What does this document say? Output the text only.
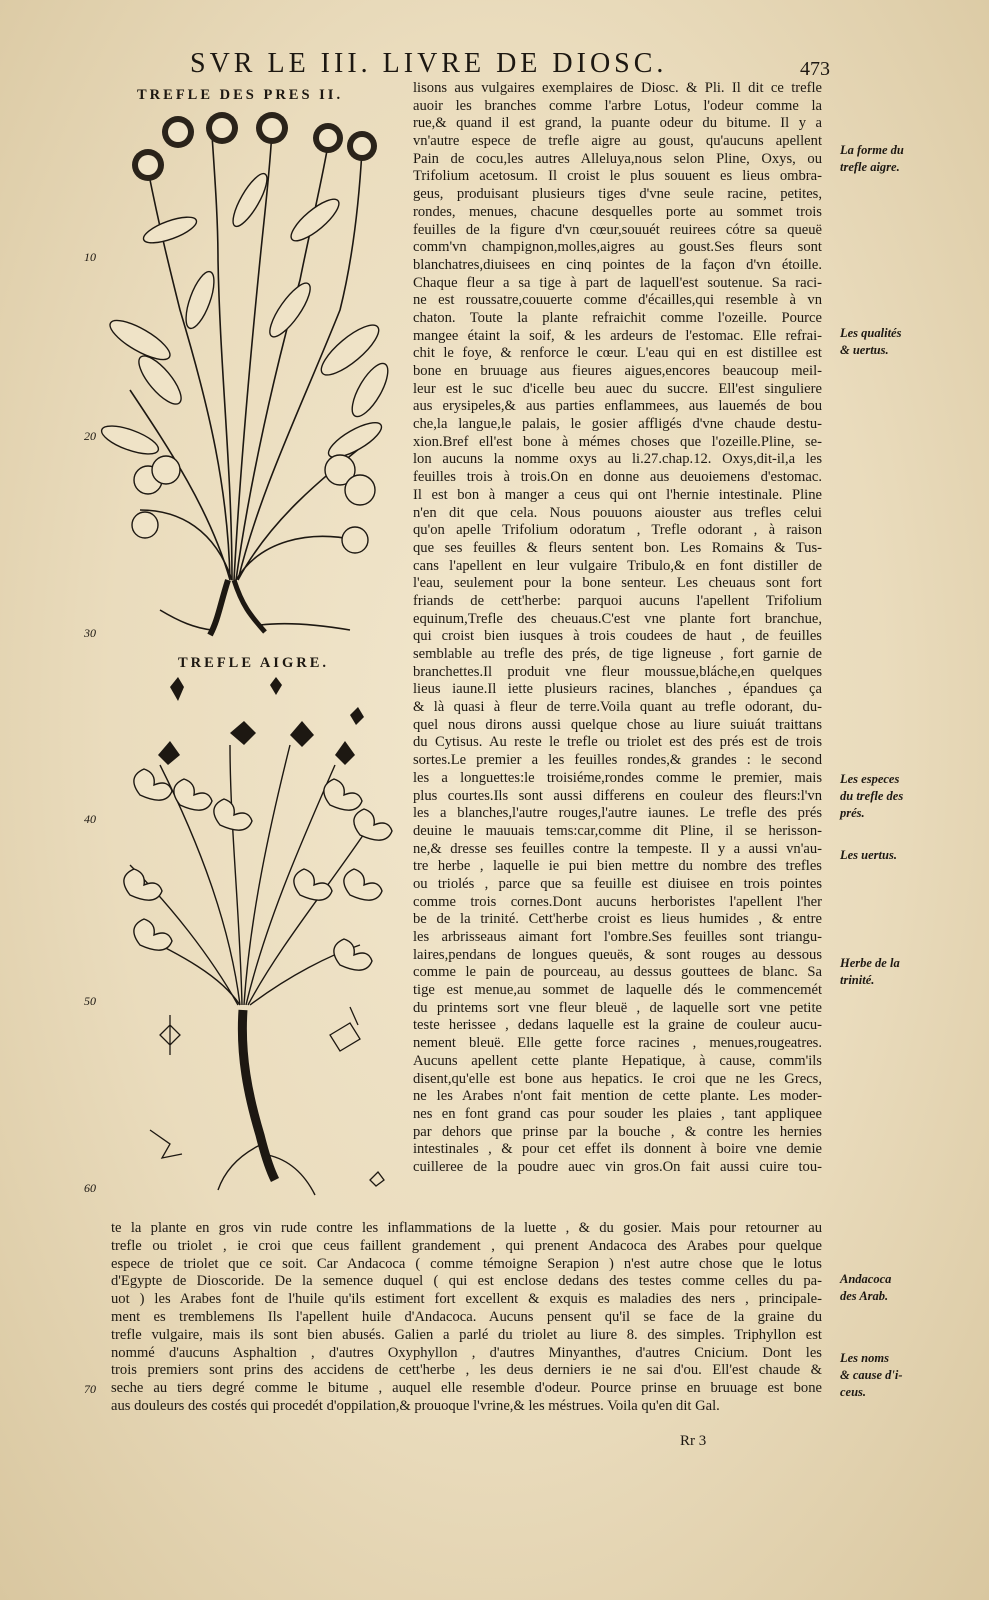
SVR LE III. LIVRE DE DIOSC.	473
TREFLE DES PRES II.
TREFLE AIGRE.
lisons aus vulgaires exemplaires de Diosc. & Pli. Il dit ce trefle
auoir les branches comme l'arbre Lotus, l'odeur comme la
rue,& quand il est grand, la puante odeur du bitume. Il y a
vn'autre espece de trefle aigre au goust, qu'aucuns apellent
Pain de cocu,les autres Alleluya,nous selon Pline, Oxys, ou
Trifolium acetosum. Il croist le plus souuent es lieus ombra-
geus, produisant plusieurs tiges d'vne seule racine, petites,
rondes, menues, chacune desquelles porte au sommet trois
feuilles de la figure d'vn cœur,souuét reuirees cótre sa queuë
comm'vn champignon,molles,aigres au goust.Ses fleurs sont
blanchatres,diuisees en cinq pointes de la façon d'vn étoille.
Chaque fleur a sa tige à part de laquell'est soutenue. Sa raci-
ne est roussatre,couuerte comme d'écailles,qui resemble à vn
chaton. Toute la plante refraichit comme l'ozeille. Pource
mangee étaint la soif, & les ardeurs de l'estomac. Elle refrai-
chit le foye, & renforce le cœur. L'eau qui en est distillee est
bone en bruuage aus fieures aigues,encores beaucoup meil-
leur est le suc d'icelle beu auec du succre. Ell'est singuliere
aus erysipeles,& aus parties enflammees, aus lauemés de bou
che,la langue,le palais, le gosier affligés d'vne chaude destu-
xion.Bref ell'est bone à mémes choses que l'ozeille.Pline, se-
lon aucuns la nomme oxys au li.27.chap.12. Oxys,dit-il,a les
feuilles trois à trois.On en donne aus deuoiemens d'estomac.
Il est bon à manger a ceus qui ont l'hernie intestinale. Pline
n'en dit que cela. Nous pouuons aiouster aus trefles celui
qu'on apelle Trifolium odoratum , Trefle odorant , à raison
que ses feuilles & fleurs sentent bon. Les Romains & Tus-
cans l'apellent en leur vulgaire Tribulo,& en font distiller de
l'eau, seulement pour la bone senteur. Les cheuaus sont fort
friands de cett'herbe: parquoi aucuns l'apellent Trifolium
equinum,Trefle des cheuaus.C'est vne plante fort branchue,
qui croist bien iusques à trois coudees de haut , de feuilles
semblable au trefle des prés, de tige ligneuse , fort garnie de
branchettes.Il produit vne fleur moussue,bláche,en quelques
lieus iaune.Il iette plusieurs racines, blanches , épandues ça
& là quasi à fleur de terre.Voila quant au trefle odorant, du-
quel nous dirons aussi quelque chose au liure suiuát traittans
du Cytisus. Au reste le trefle ou triolet est des prés est de trois
sortes.Le premier a les feuilles rondes,& grandes : le second
les a longuettes:le troisiéme,rondes comme le premier, mais
plus courtes.Ils sont aussi differens en couleur des fleurs:l'vn
les a blanches,l'autre rouges,l'autre iaunes. Le trefle des prés
deuine le mauuais tems:car,comme dit Pline, il se herisson-
ne,& dresse ses feuilles contre la tempeste. Il y a aussi vn'au-
tre herbe , laquelle ie pui bien mettre du nombre des trefles
ou triolés , parce que sa feuille est diuisee en trois pointes
comme trois cornes.Dont aucuns herboristes l'apellent l'her
be de la trinité. Cett'herbe croist es lieus humides , & entre
les arbrisseaus aimant fort l'ombre.Ses feuilles sont triangu-
laires,pendans de longues queuës, & sont rouges au dessous
comme le pain de pourceau, au dessus gouttees de blanc. Sa
tige est menue,au sommet de laquelle dés le commencemét
du printems sort vne fleur bleuë , de laquelle sort vne petite
teste herissee , dedans laquelle est la graine de couleur aucu-
nement bleuë. Elle gette force racines , menues,rougeatres.
Aucuns apellent cette plante Hepatique, à cause, comm'ils
disent,qu'elle est bone aus hepatics. Ie croi que ne les Grecs,
ne les Arabes n'ont fait mention de cette plante. Les moder-
nes en font grand cas pour souder les plaies , tant appliquee
par dehors que prinse par la bouche , & contre les hernies
intestinales , & pour cet effet ils donnent à boire vne demie
cuilleree de la poudre auec vin gros.On fait aussi cuire tou-
te la plante en gros vin rude contre les inflammations de la luette , & du gosier. Mais pour retourner au
trefle ou triolet , ie croi que ceus faillent grandement , qui prenent Andacoca des Arabes pour quelque
espece de triolet que ce soit. Car Andacoca ( comme témoigne Serapion ) n'est autre chose que le lotus
d'Egypte de Dioscoride. De la semence duquel ( qui est enclose dedans des testes comme celles du pa-
uot ) les Arabes font de l'huile qu'ils estiment fort excellent & exquis es maladies des ners , principale-
ment es tremblemens Ils l'apellent huile d'Andacoca. Aucuns pensent qu'il se face de la graine du
trefle vulgaire, mais ils sont bien abusés. Galien a parlé du triolet au liure 8. des simples. Triphyllon est
nommé d'aucuns Asphaltion , d'autres Oxyphyllon , d'autres Minyanthes, d'autres Cnicium. Dont les
trois premiers sont prins des accidens de cett'herbe , les deus derniers ie ne sai d'ou. Ell'est chaude &
seche au tiers degré comme le bitume , auquel elle resemble d'odeur. Pource prinse en bruuage est bone
aus douleurs des costés qui procedét d'oppilation,& prouoque l'vrine,& les méstrues. Voila qu'en dit Gal.
10
20
30
40
50
60
70
La forme du
trefle aigre.
Les qualités
& uertus.
Les especes
du trefle des
prés.
Les uertus.
Herbe de la
trinité.
Andacoca
des Arab.
Les noms
& cause d'i-
ceus.
Rr 3
